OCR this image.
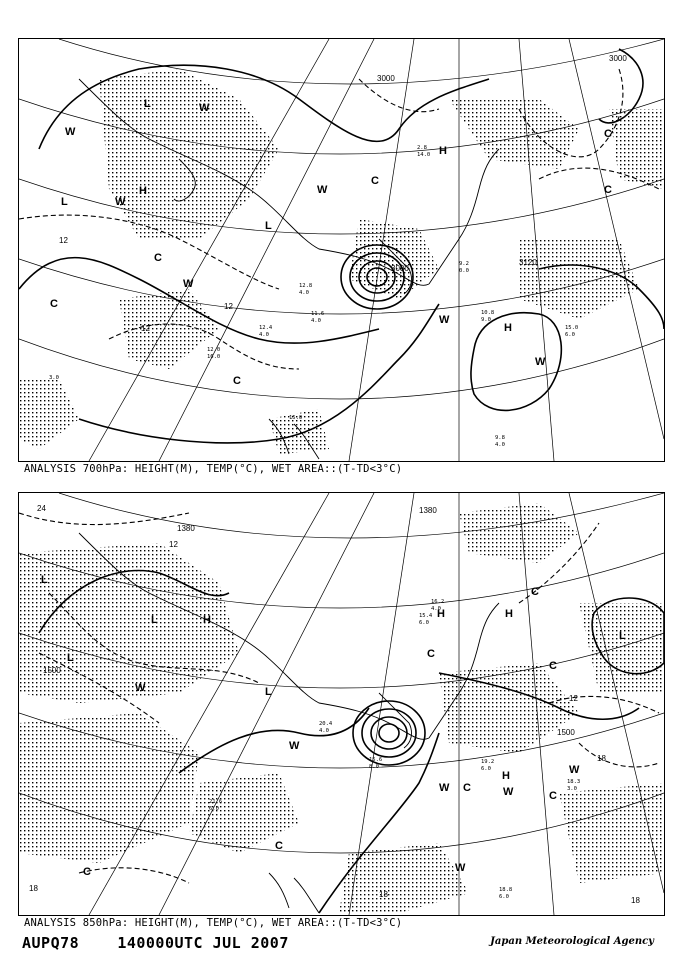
2.8
14.0
10.8
9.0
15.0
6.0
12.0
16.0
15.0
9.8
4.0
9.2
0.0
12.8
4.0
11.6
4.0
12.4
4.0
3.0
3000
3000
3000
3120
12
12
12
H
H
H
L
L
L
W
W
W
W
W
W
W
C
C
C
C
C
C
ANALYSIS 700hPa: HEIGHT(M), TEMP(°C), WET AREA::(T-TD<3°C)
19.2
6.0
16.2
4.0
15.4
6.0
18.8
6.0
20.4
4.0
15.6
8.0
21.6
6.0
18.3
3.0
1380
1380
1500
1500
24
18
18
18
18
12
12
H
H
H	H
L
L
L
L
L
W	W
W
W
W
W
C
C
C
C
C
C
C
ANALYSIS 850hPa: HEIGHT(M), TEMP(°C), WET AREA::(T-TD<3°C)
AUPQ78	140000UTC JUL 2007	Japan Meteorological Agency
